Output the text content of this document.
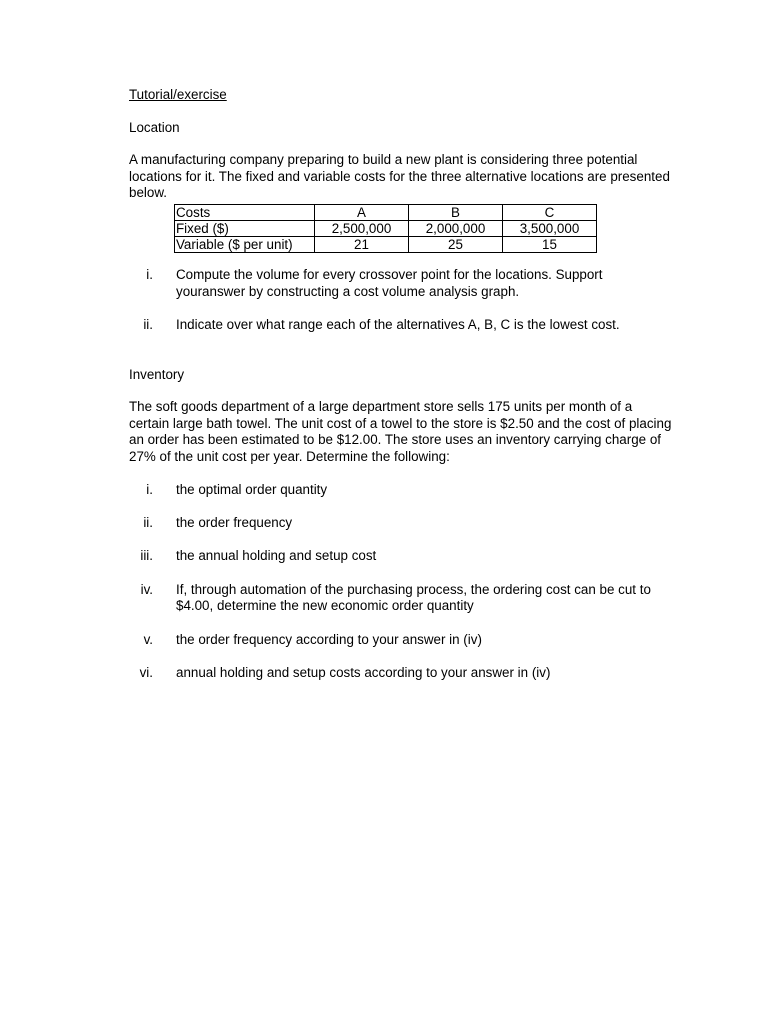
Tutorial/exercise

Location

A manufacturing company preparing to build a new plant is considering three potential locations for it. The fixed and variable costs for the three alternative locations are presented below.

Costs	A	B	C
Fixed ($)	2,500,000	2,000,000	3,500,000
Variable ($ per unit)	21	25	15
i. Compute the volume for every crossover point for the locations. Support youranswer by constructing a cost volume analysis graph.
ii. Indicate over what range each of the alternatives A, B, C is the lowest cost.

Inventory

The soft goods department of a large department store sells 175 units per month of a certain large bath towel. The unit cost of a towel to the store is $2.50 and the cost of placing an order has been estimated to be $12.00. The store uses an inventory carrying charge of 27% of the unit cost per year. Determine the following:

i. the optimal order quantity
ii. the order frequency
iii. the annual holding and setup cost
iv. If, through automation of the purchasing process, the ordering cost can be cut to $4.00, determine the new economic order quantity
v. the order frequency according to your answer in (iv)
vi. annual holding and setup costs according to your answer in (iv)
